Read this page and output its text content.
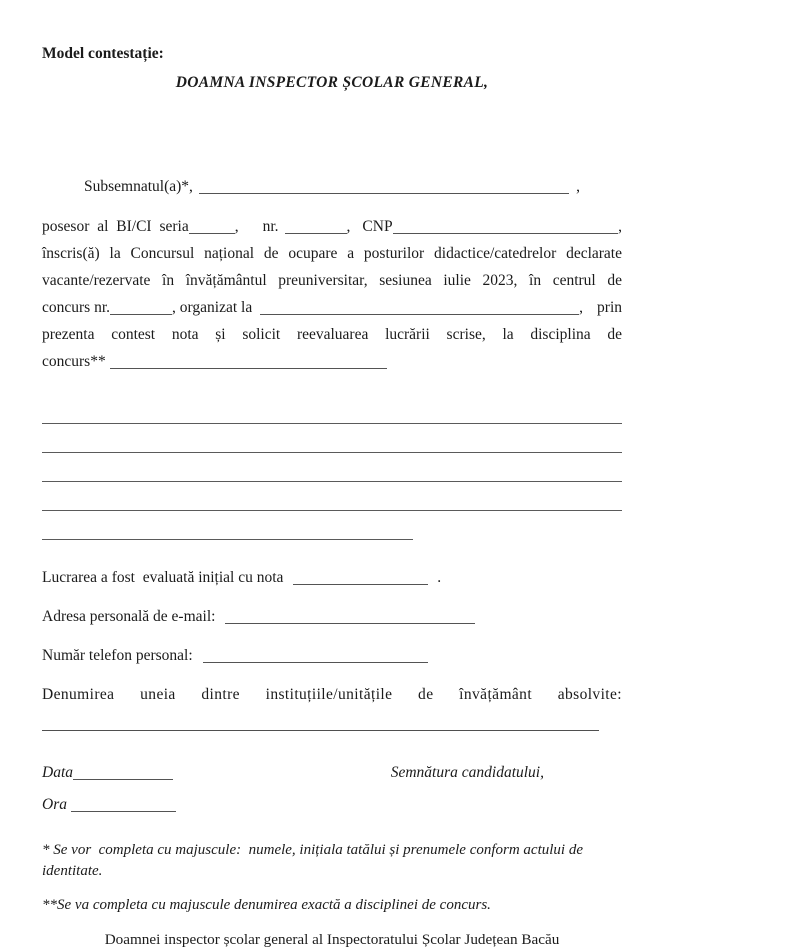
Model contestație:
DOAMNA INSPECTOR ȘCOLAR GENERAL,
Subsemnatul(a)*,	,
posesor al BI/CI seria	, nr.	, CNP	,
înscris(ă) la Concursul național de ocupare a posturilor didactice/catedrelor declarate
vacante/rezervate în învățământul preuniversitar, sesiunea iulie 2023, în centrul de
concurs nr.	, organizat la	, prin
prezenta contest nota și solicit reevaluarea lucrării scrise, la disciplina de
concurs**
Lucrarea a fost  evaluată inițial cu nota	.
Adresa personală de e-mail:
Număr telefon personal:
Denumirea uneia dintre instituțiile/unitățile de învățământ absolvite:
Data	Semnătura candidatului,
Ora
* Se vor  completa cu majuscule:  numele, inițiala tatălui și prenumele conform actului de identitate.
**Se va completa cu majuscule denumirea exactă a disciplinei de concurs.
Doamnei inspector școlar general al Inspectoratului Școlar Județean Bacău
